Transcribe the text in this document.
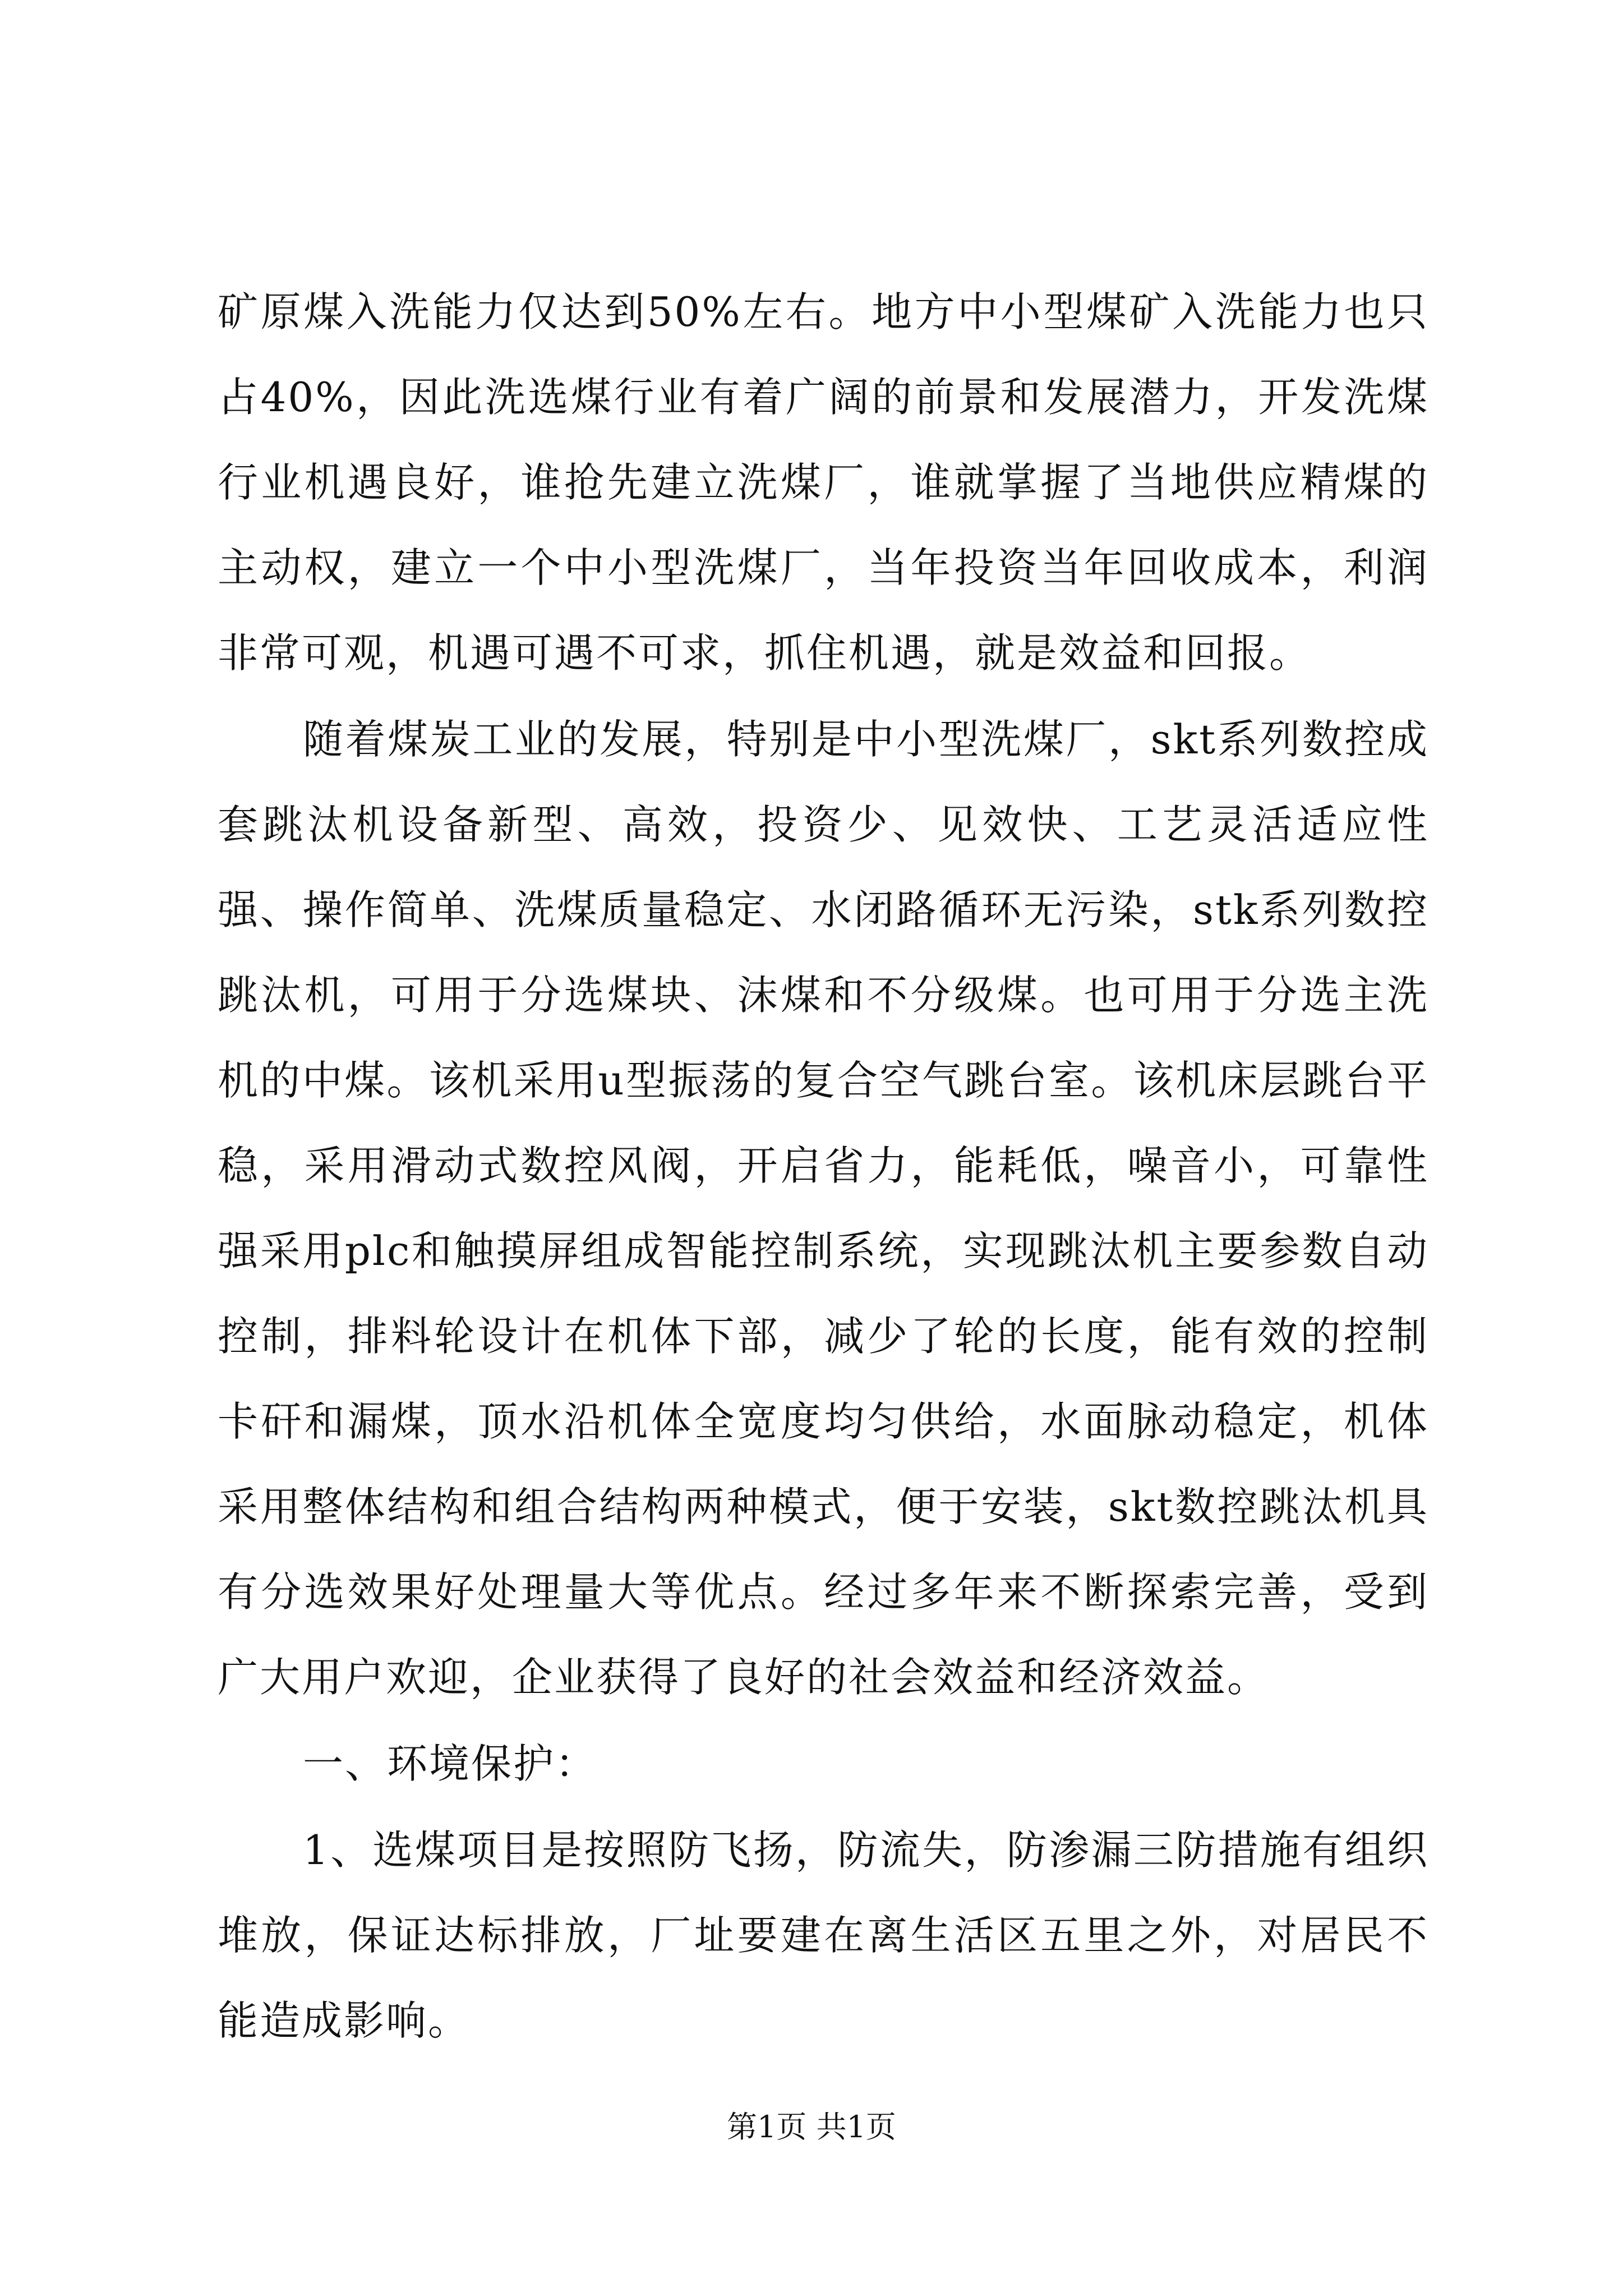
矿原煤入洗能力仅达到50%左右。地方中小型煤矿入洗能力也只占40%，因此洗选煤行业有着广阔的前景和发展潜力，开发洗煤行业机遇良好，谁抢先建立洗煤厂，谁就掌握了当地供应精煤的主动权，建立一个中小型洗煤厂，当年投资当年回收成本，利润非常可观，机遇可遇不可求，抓住机遇，就是效益和回报。

随着煤炭工业的发展，特别是中小型洗煤厂，skt系列数控成套跳汰机设备新型、高效，投资少、见效快、工艺灵活适应性强、操作简单、洗煤质量稳定、水闭路循环无污染，stk系列数控跳汰机，可用于分选煤块、沫煤和不分级煤。也可用于分选主洗机的中煤。该机采用u型振荡的复合空气跳台室。该机床层跳台平稳，采用滑动式数控风阀，开启省力，能耗低，噪音小，可靠性强采用plc和触摸屏组成智能控制系统，实现跳汰机主要参数自动控制，排料轮设计在机体下部，减少了轮的长度，能有效的控制卡矸和漏煤，顶水沿机体全宽度均匀供给，水面脉动稳定，机体采用整体结构和组合结构两种模式，便于安装，skt数控跳汰机具有分选效果好处理量大等优点。经过多年来不断探索完善，受到广大用户欢迎，企业获得了良好的社会效益和经济效益。

一、环境保护：

1、选煤项目是按照防飞扬，防流失，防渗漏三防措施有组织堆放，保证达标排放，厂址要建在离生活区五里之外，对居民不能造成影响。

第1页 共1页
